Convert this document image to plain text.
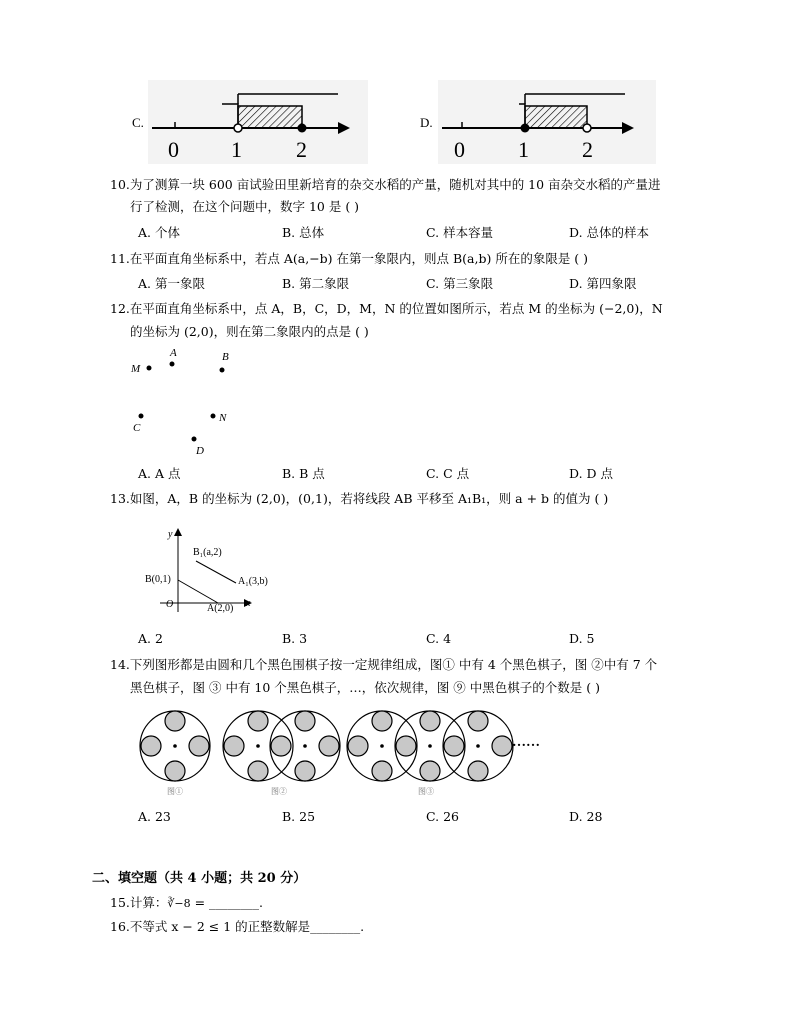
C.
0 1 2
D.
0 1 2
M
A	B
C
N
D
y
x
O
B(0,1)
A(2,0)
B₁(a,2)
A₁(3,b)
……
图①	图②	图③
10.为了测算一块 600 亩试验田里新培育的杂交水稻的产量，随机对其中的 10 亩杂交水稻的产量进
行了检测，在这个问题中，数字 10 是 ( )
A. 个体	B. 总体	C. 样本容量	D. 总体的样本
11.在平面直角坐标系中，若点 A(a,−b) 在第一象限内，则点 B(a,b) 所在的象限是 ( )
A. 第一象限	B. 第二象限	C. 第三象限	D. 第四象限
12.在平面直角坐标系中，点 A，B，C，D，M，N 的位置如图所示，若点 M 的坐标为 (−2,0)，N
的坐标为 (2,0)，则在第二象限内的点是 ( )
A. A 点	B. B 点	C. C 点	D. D 点
13.如图，A，B 的坐标为 (2,0)，(0,1)，若将线段 AB 平移至 A₁B₁，则 a + b 的值为 ( )
A. 2	B. 3	C. 4	D. 5
14.下列图形都是由圆和几个黑色围棋子按一定规律组成，图① 中有 4 个黑色棋子，图 ②中有 7 个
黑色棋子，图 ③ 中有 10 个黑色棋子，…，依次规律，图 ⑨ 中黑色棋子的个数是 ( )
A. 23	B. 25	C. 26	D. 28
二、填空题（共 4 小题；共 20 分）
15.计算：∛−8 = ________.
16.不等式 x − 2 ≤ 1 的正整数解是________.
